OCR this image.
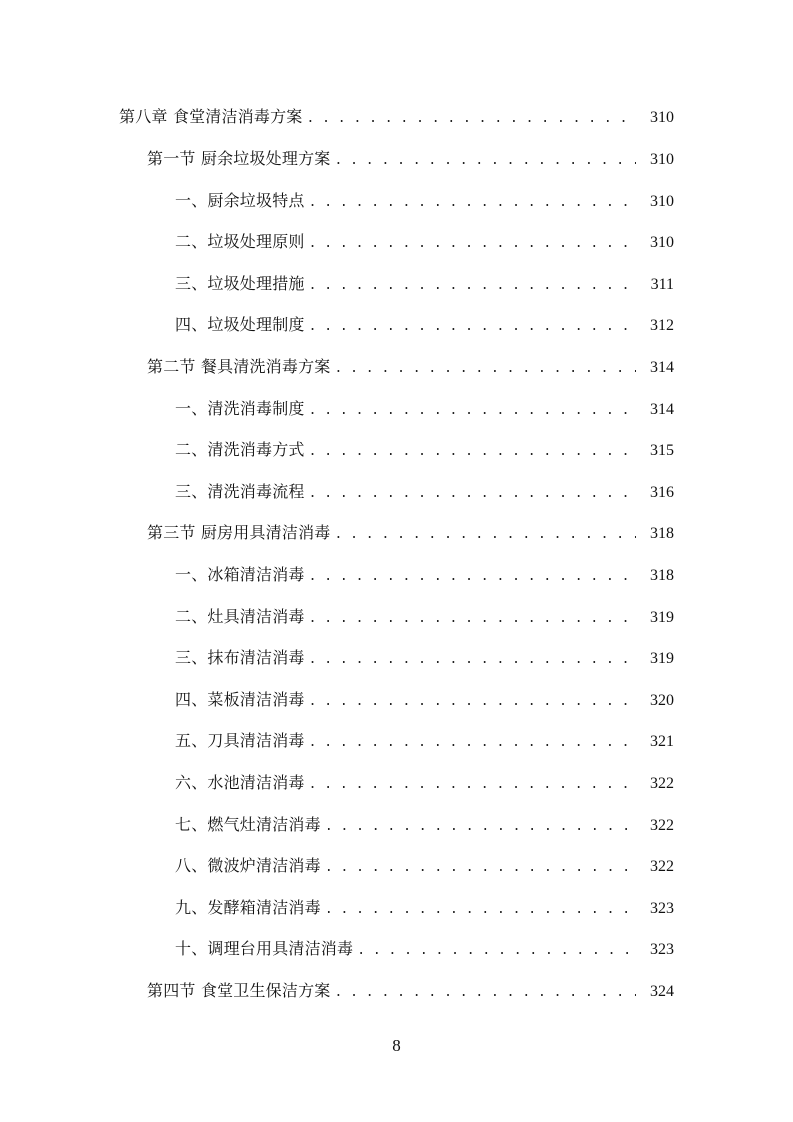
第八章 食堂清洁消毒方案 . . .	310
第一节 厨余垃圾处理方案 . . .	310
一、厨余垃圾特点 . . .	310
二、垃圾处理原则 . . .	310
三、垃圾处理措施 . . .	311
四、垃圾处理制度 . . .	312
第二节 餐具清洗消毒方案 . . .	314
一、清洗消毒制度 . . .	314
二、清洗消毒方式 . . .	315
三、清洗消毒流程 . . .	316
第三节 厨房用具清洁消毒 . . .	318
一、冰箱清洁消毒 . . .	318
二、灶具清洁消毒 . . .	319
三、抹布清洁消毒 . . .	319
四、菜板清洁消毒 . . .	320
五、刀具清洁消毒 . . .	321
六、水池清洁消毒 . . .	322
七、燃气灶清洁消毒 . . .	322
八、微波炉清洁消毒 . . .	322
九、发酵箱清洁消毒 . . .	323
十、调理台用具清洁消毒 . . .	323
第四节 食堂卫生保洁方案 . . .	324
8
